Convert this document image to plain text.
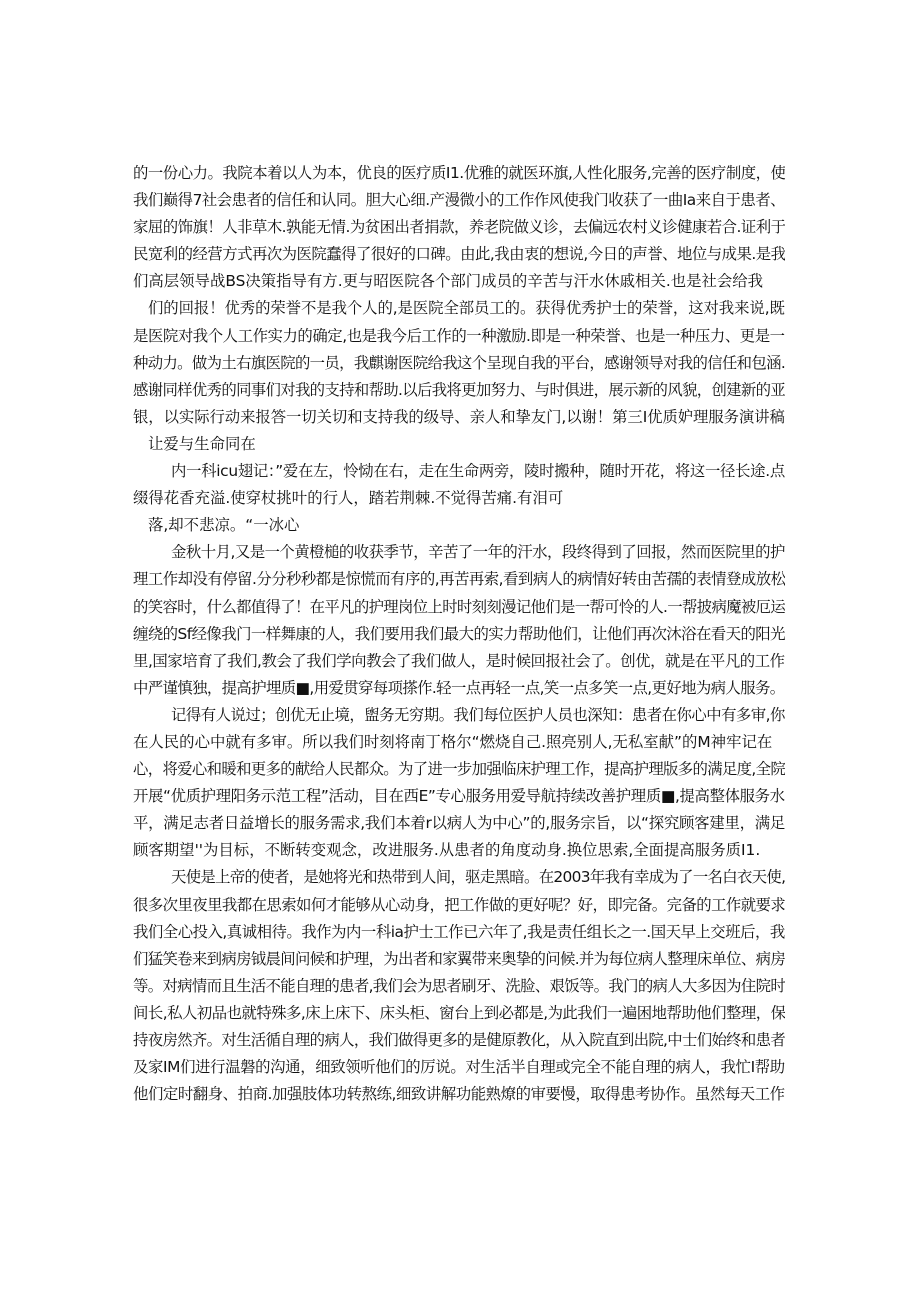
的一份心力。我院本着以人为本，优良的医疗质I1.优雅的就医环旗,人性化服务,完善的医疗制度，使
我们巅得7社会患者的信任和认同。胆大心细.产漫微小的工作作风使我门收获了一曲Ia来自于患者、
家屈的饰旗！人非草木.孰能无情.为贫困出者捐款，养老院做义诊，去偏远农村义诊健康若合.证利于
民宽利的经营方式再次为医院蠢得了很好的口碑。由此,我由衷的想说,今日的声誉、地位与成果.是我
们高层领导战BS决策指导有方.更与昭医院各个部门成员的辛苦与汗水休戚相关.也是社会给我
们的回报！优秀的荣誉不是我个人的,是医院全部员工的。获得优秀护士的荣誉，这对我来说,既
是医院对我个人工作实力的确定,也是我今后工作的一种激励.即是一种荣誉、也是一种压力、更是一
种动力。做为土右旗医院的一员，我麒谢医院给我这个呈现自我的平台，感谢领导对我的信任和包涵.
感谢同样优秀的同事们对我的支持和帮助.以后我将更加努力、与时俱进，展示新的风貌，创建新的亚
银，以实际行动来报答一切关切和支持我的级导、亲人和挚友门,以谢！第三I优质妒理服务演讲稿
让爱与生命同在
内一科icu翅记：”爱在左，怜恸在右，走在生命两旁，陵时搬种，随时开花，将这一径长途.点
缀得花香充溢.使穿杖挑叶的行人，踏若荆棘.不觉得苦痛.有泪可
落,却不悲凉。“一冰心
金秋十月,又是一个黄橙槌的收获季节，辛苦了一年的汗水，段终得到了回报，然而医院里的护
理工作却没有停留.分分秒秒都是惊慌而有序的,再苦再索,看到病人的病情好转由苦孺的表情登成放松
的笑容时，什么都值得了！在平凡的护理岗位上时时刻刻漫记他们是一帮可怜的人.一帮披病魔被厄运
缠绕的Sf经像我门一样舞康的人，我们要用我们最大的实力帮助他们，让他们再次沐浴在看天的阳光
里,国家培育了我们,教会了我们学向教会了我们做人，是时候回报社会了。创优，就是在平凡的工作
中严谨慎独，提高护埋质■,用爱贯穿每项搽作.轻一点再轻一点,笑一点多笑一点,更好地为病人服务。
记得有人说过；创优无止境，盥务无穷期。我们每位医护人员也深知：患者在你心中有多审,你
在人民的心中就有多审。所以我们时刻将南丁格尔“燃烧自己.照亮别人,无私室献”的M神牢记在
心，将爱心和暖和更多的献给人民都众。为了进一步加强临床护理工作，提高护理版多的满足度,全院
开展“优质护理阳务示范工程”活动，目在西E”专心服务用爱导航持续改善护理质■,提高整体服务水
平，满足志者日益增长的服务需求,我们本着r以病人为中心”的,服务宗旨，以“探究顾客建里，满足
顾客期望''为目标，不断转变观念，改进服务.从患者的角度动身.换位思索,全面提高服务质I1.
天使是上帝的使者，是她将光和热带到人间，驱走黑暗。在2003年我有幸成为了一名白衣天使,
很多次里夜里我都在思索如何才能够从心动身，把工作做的更好呢？好，即完备。完备的工作就要求
我们全心投入,真诚相待。我作为内一科ia护士工作已六年了,我是责任组长之一.国天早上交班后，我
们猛笑卷来到病房钺晨间问候和护理，为出者和家翼带来奥挚的问候.并为每位病人整理床单位、病房
等。对病情而且生活不能自理的患者,我们会为思者刷牙、洗脸、艰饭等。我门的病人大多因为住院时
间长,私人初品也就特殊多,床上床下、床头柜、窗台上到必都是,为此我们一遍困地帮助他们整理，保
持夜房然齐。对生活循自理的病人，我们做得更多的是健原教化，从入院直到出院,中士们始终和患者
及家IM们进行温磐的沟通，细致领听他们的厉说。对生活半自理或完全不能自理的病人，我忙I帮助
他们定时翻身、拍商.加强肢体功转熬练,细致讲解功能熟燎的审要慢，取得患考协作。虽然每天工作
